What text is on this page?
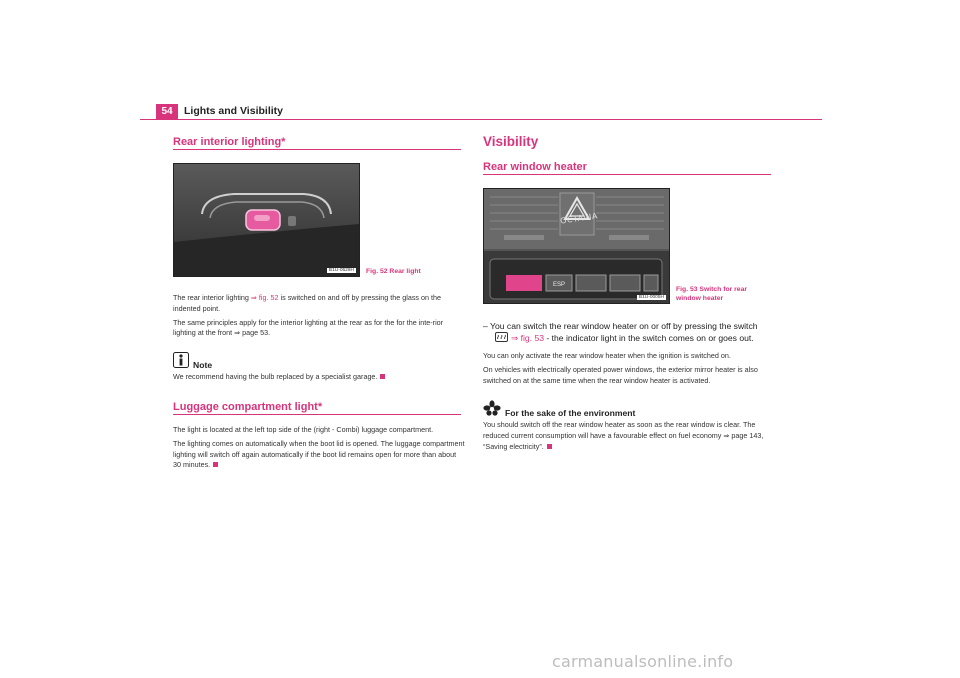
54	Lights and Visibility
Rear interior lighting*
B1U-0528H Fig. 52 Rear light

The rear interior lighting ⇒ fig. 52 is switched on and off by pressing the glass on the indented point.

The same principles apply for the interior lighting at the rear as for the for the inte-rior lighting at the front ⇒ page 53.

Note
We recommend having the bulb replaced by a specialist garage.
Luggage compartment light*

The light is located at the left top side of the (right - Combi) luggage compartment.

The lighting comes on automatically when the boot lid is opened. The luggage compartment lighting will switch off again automatically if the boot lid remains open for more than about 30 minutes.

Visibility
Rear window heater
ESP
OCTAVIA
B1U-0005H
Fig. 53 Switch for rear
window heater
– You can switch the rear window heater on or off by pressing the switch
⇒ fig. 53 - the indicator light in the switch comes on or goes out.

You can only activate the rear window heater when the ignition is switched on.

On vehicles with electrically operated power windows, the exterior mirror heater is also switched on at the same time when the rear window heater is activated.

For the sake of the environment
You should switch off the rear window heater as soon as the rear window is clear. The reduced current consumption will have a favourable effect on fuel economy ⇒ page 143, “Saving electricity”.
carmanualsonline.info
